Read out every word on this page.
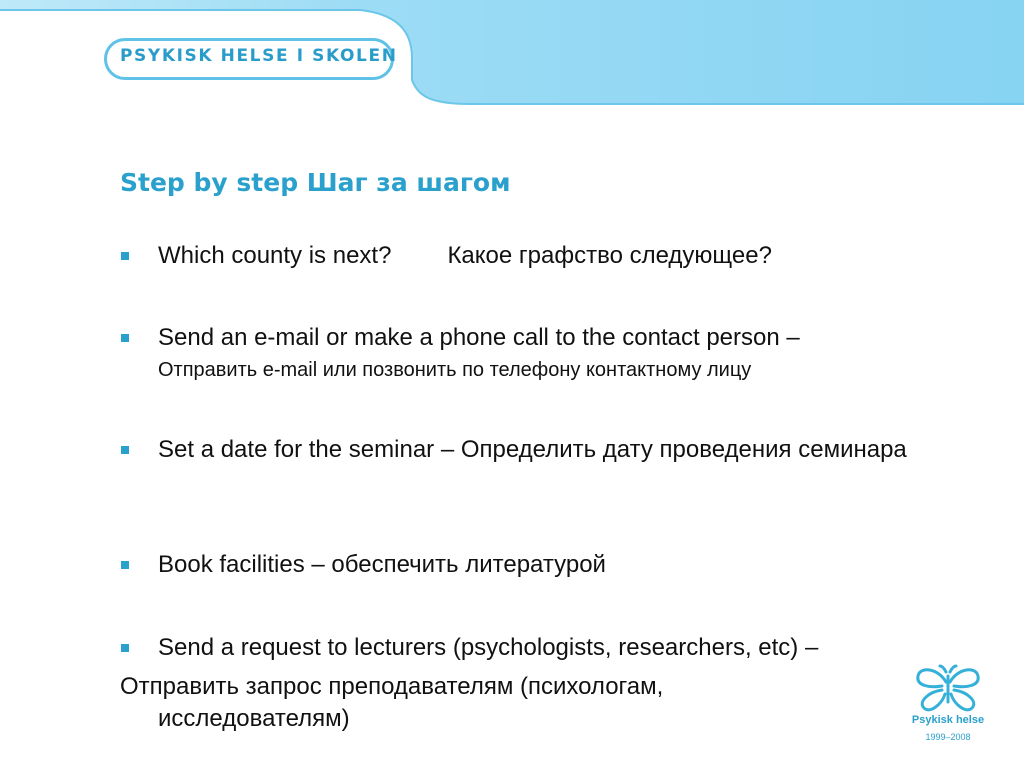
PSYKISK HELSE I SKOLEN
Step by step Шаг за шагом
Which county is next? Какое графство следующее?
Send an e-mail or make a phone call to the contact person –
Отправить e-mail или позвонить по телефону контактному лицу
Set a date for the seminar – Определить дату проведения семинара
Book facilities – обеспечить литературой
Send a request to lecturers (psychologists, researchers, etc) –
Отправить запрос преподавателям (психологам,
исследователям)	Psykisk helse
1999–2008
